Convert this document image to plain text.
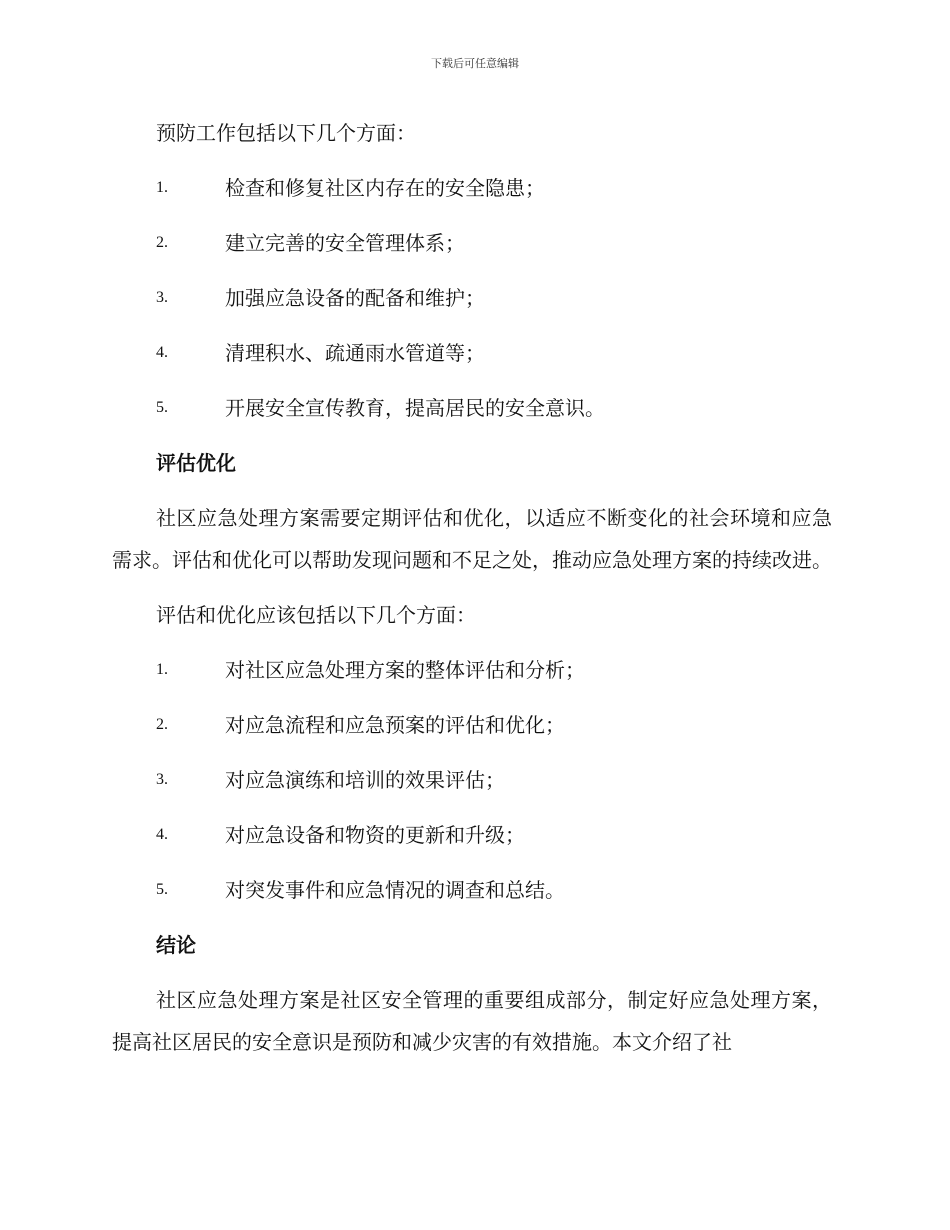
下载后可任意编辑

预防工作包括以下几个方面：

1.	检查和修复社区内存在的安全隐患；
2.	建立完善的安全管理体系；
3.	加强应急设备的配备和维护；
4.	清理积水、疏通雨水管道等；
5.	开展安全宣传教育，提高居民的安全意识。
评估优化

社区应急处理方案需要定期评估和优化，以适应不断变化的社会环境和应急需求。评估和优化可以帮助发现问题和不足之处，推动应急处理方案的持续改进。

评估和优化应该包括以下几个方面：

1.	对社区应急处理方案的整体评估和分析；
2.	对应急流程和应急预案的评估和优化；
3.	对应急演练和培训的效果评估；
4.	对应急设备和物资的更新和升级；
5.	对突发事件和应急情况的调查和总结。
结论

社区应急处理方案是社区安全管理的重要组成部分，制定好应急处理方案，提高社区居民的安全意识是预防和减少灾害的有效措施。本文介绍了社
